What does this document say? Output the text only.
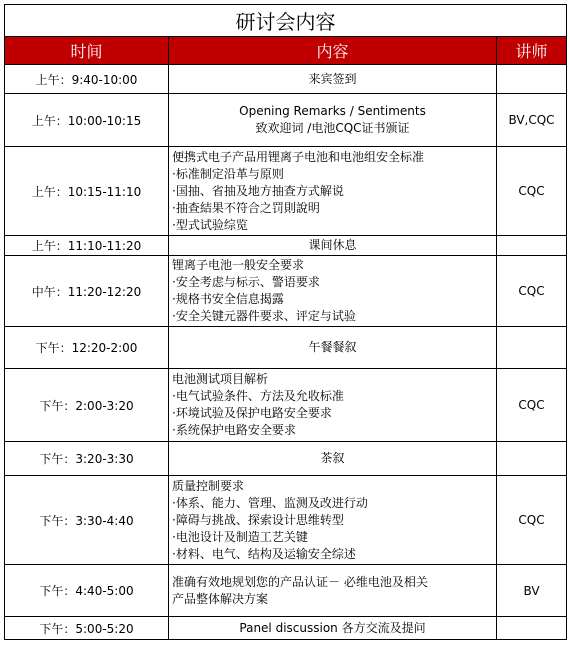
研讨会内容		
时间	内容	讲师
上午：9:40-10:00	来宾签到	

上午：10:00-10:15	Opening Remarks / Sentiments
致欢迎词 /电池CQC证书颁证	BV,CQC
上午：10:15-11:10	便携式电子产品用锂离子电池和电池组安全标准
·标准制定沿革与原则
·国抽、省抽及地方抽查方式解说
·抽查結果不符合之罚則說明
·型式试验综览	CQC
上午：11:10-11:20	课间休息	

中午：11:20-12:20	锂离子电池一般安全要求
·安全考虑与标示、警语要求
·规格书安全信息揭露
·安全关键元器件要求、评定与试验	CQC
下午：12:20-2:00	午餐餐叙	

下午：2:00-3:20	电池测试项目解析
·电气试验条件、方法及允收标准
·环境试验及保护电路安全要求
·系统保护电路安全要求	CQC
下午：3:20-3:30	茶叙	

下午：3:30-4:40	质量控制要求
·体系、能力、管理、监测及改进行动
·障碍与挑战、探索设计思维转型
·电池设计及制造工艺关键
·材料、电气、结构及运输安全综述	CQC
下午：4:40-5:00	准确有效地规划您的产品认证－ 必维电池及相关
产品整体解决方案	BV
下午：5:00-5:20	Panel discussion 各方交流及提问	
